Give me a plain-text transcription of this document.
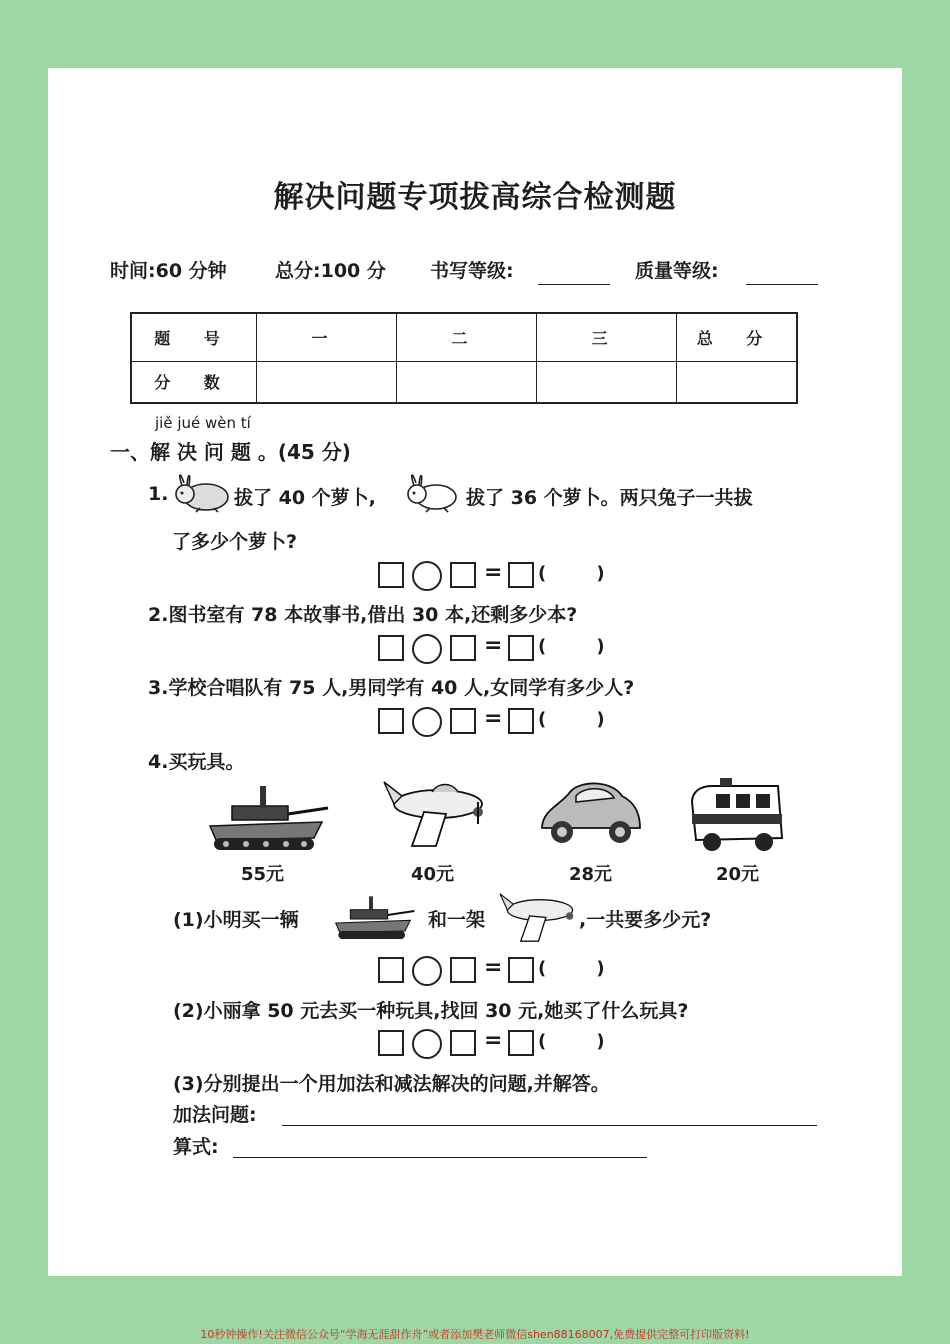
解决问题专项拔高综合检测题
时间:60 分钟	总分:100 分 书写等级:	质量等级:
题 号	一	二	三	总 分
分 数				
jiě jué wèn tí
一、解 决 问 题 。(45 分)
1.	拔了 40 个萝卜,	拔了 36 个萝卜。两只兔子一共拔
了多少个萝卜?
= (        )
2.图书室有 78 本故事书,借出 30 本,还剩多少本?
= (        )
3.学校合唱队有 75 人,男同学有 40 人,女同学有多少人?
= (        )
4.买玩具。
55元	40元	28元	20元
(1)小明买一辆	和一架	,一共要多少元?
= (        )
(2)小丽拿 50 元去买一种玩具,找回 30 元,她买了什么玩具?
= (        )
(3)分别提出一个用加法和减法解决的问题,并解答。
加法问题:
算式:
10秒钟操作!关注微信公众号“学海无涯甜作舟”或者添加樊老师微信shen88168007,免费提供完整可打印版资料!
